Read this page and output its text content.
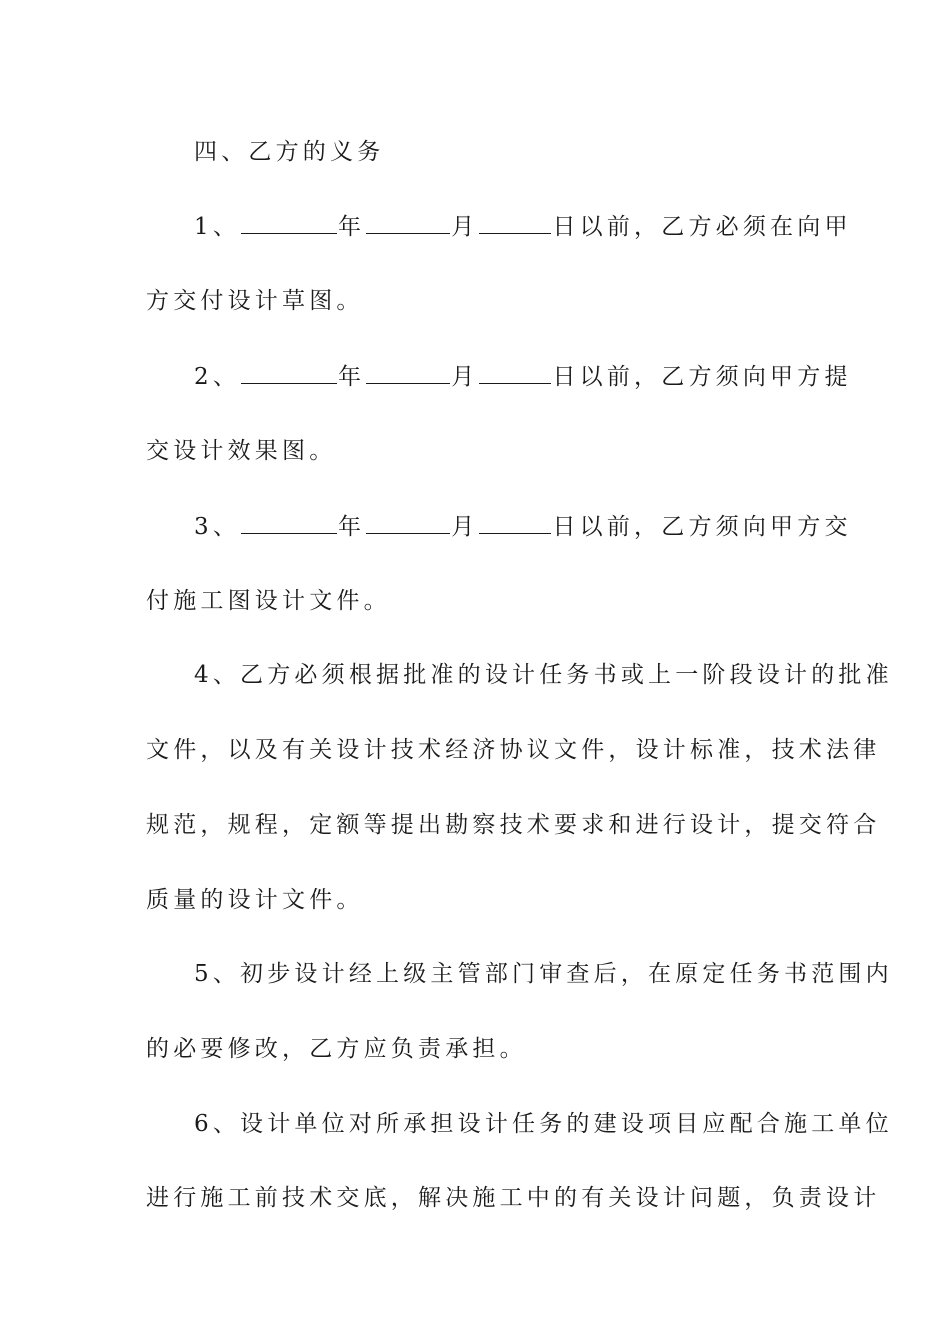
四、乙方的义务
1、	年	月	日以前，乙方必须在向甲
方交付设计草图。
2、	年	月	日以前，乙方须向甲方提
交设计效果图。
3、	年	月	日以前，乙方须向甲方交
付施工图设计文件。
4、乙方必须根据批准的设计任务书或上一阶段设计的批准
文件，以及有关设计技术经济协议文件，设计标准，技术法律
规范，规程，定额等提出勘察技术要求和进行设计，提交符合
质量的设计文件。
5、初步设计经上级主管部门审查后，在原定任务书范围内
的必要修改，乙方应负责承担。
6、设计单位对所承担设计任务的建设项目应配合施工单位
进行施工前技术交底，解决施工中的有关设计问题，负责设计
